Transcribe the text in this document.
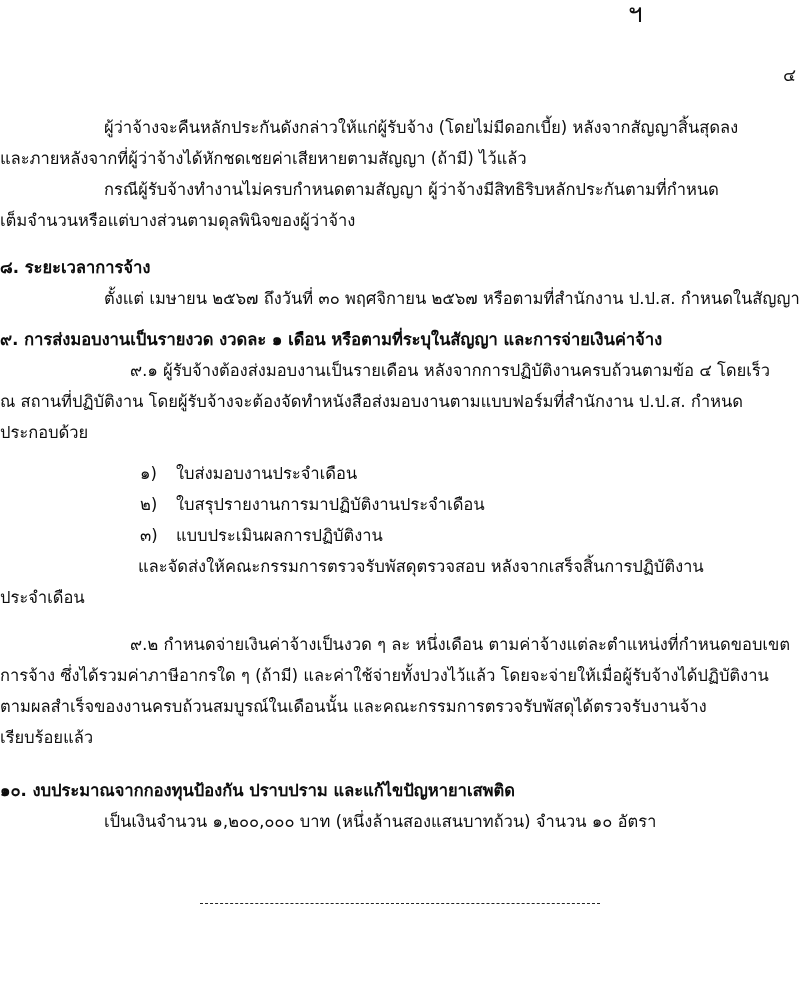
ฯ
๔
ผู้ว่าจ้างจะคืนหลักประกันดังกล่าวให้แก่ผู้รับจ้าง (โดยไม่มีดอกเบี้ย) หลังจากสัญญาสิ้นสุดลง
และภายหลังจากที่ผู้ว่าจ้างได้หักชดเชยค่าเสียหายตามสัญญา (ถ้ามี) ไว้แล้ว
กรณีผู้รับจ้างทำงานไม่ครบกำหนดตามสัญญา ผู้ว่าจ้างมีสิทธิริบหลักประกันตามที่กำหนด
เต็มจำนวนหรือแต่บางส่วนตามดุลพินิจของผู้ว่าจ้าง
๘. ระยะเวลาการจ้าง
ตั้งแต่ เมษายน ๒๕๖๗ ถึงวันที่ ๓๐ พฤศจิกายน ๒๕๖๗ หรือตามที่สำนักงาน ป.ป.ส. กำหนดในสัญญา
๙. การส่งมอบงานเป็นรายงวด งวดละ ๑ เดือน หรือตามที่ระบุในสัญญา และการจ่ายเงินค่าจ้าง
๙.๑ ผู้รับจ้างต้องส่งมอบงานเป็นรายเดือน หลังจากการปฏิบัติงานครบถ้วนตามข้อ ๔ โดยเร็ว
ณ สถานที่ปฏิบัติงาน โดยผู้รับจ้างจะต้องจัดทำหนังสือส่งมอบงานตามแบบฟอร์มที่สำนักงาน ป.ป.ส. กำหนด
ประกอบด้วย
๑) ใบส่งมอบงานประจำเดือน
๒) ใบสรุปรายงานการมาปฏิบัติงานประจำเดือน
๓) แบบประเมินผลการปฏิบัติงาน
และจัดส่งให้คณะกรรมการตรวจรับพัสดุตรวจสอบ หลังจากเสร็จสิ้นการปฏิบัติงาน
ประจำเดือน
๙.๒ กำหนดจ่ายเงินค่าจ้างเป็นงวด ๆ ละ หนึ่งเดือน ตามค่าจ้างแต่ละตำแหน่งที่กำหนดขอบเขต
การจ้าง ซึ่งได้รวมค่าภาษีอากรใด ๆ (ถ้ามี) และค่าใช้จ่ายทั้งปวงไว้แล้ว โดยจะจ่ายให้เมื่อผู้รับจ้างได้ปฏิบัติงาน
ตามผลสำเร็จของงานครบถ้วนสมบูรณ์ในเดือนนั้น และคณะกรรมการตรวจรับพัสดุได้ตรวจรับงานจ้าง
เรียบร้อยแล้ว
๑๐. งบประมาณจากกองทุนป้องกัน ปราบปราม และแก้ไขปัญหายาเสพติด
เป็นเงินจำนวน ๑,๒๐๐,๐๐๐ บาท (หนึ่งล้านสองแสนบาทถ้วน) จำนวน ๑๐ อัตรา
